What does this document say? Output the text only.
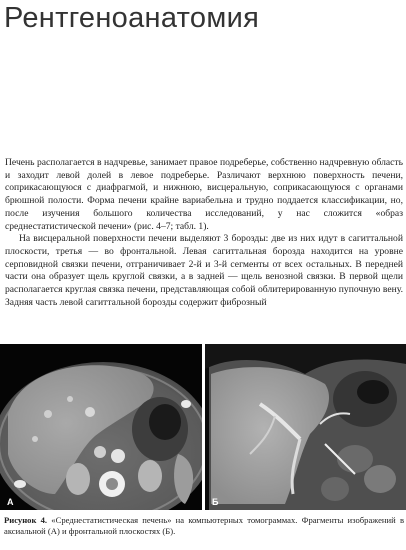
Рентгеноанатомия

Печень располагается в надчревье, занимает правое подреберье, собственно надчревную область и заходит левой долей в левое подреберье. Различают верхнюю поверхность печени, соприкасающуюся с диафрагмой, и нижнюю, висцеральную, соприкасающуюся с органами брюшной полости. Форма печени крайне вариабельна и трудно поддается классификации, но, после изучения большого количества исследований, у нас сложится «образ среднестатистической печени» (рис. 4–7; табл. 1).

На висцеральной поверхности печени выделяют 3 борозды: две из них идут в сагиттальной плоскости, третья — во фронтальной. Левая сагиттальная борозда находится на уровне серповидной связки печени, отграничивает 2-й и 3-й сегменты от всех остальных. В передней части она образует щель круглой связки, а в задней — щель венозной связки. В первой щели располагается круглая связка печени, представляющая собой облитерированную пупочную вену. Задняя часть левой сагиттальной борозды содержит фиброзный

А	Б
Рисунок 4. «Среднестатистическая печень» на компьютерных томограммах. Фрагменты изображений в аксиальной (А) и фронтальной плоскостях (Б).
